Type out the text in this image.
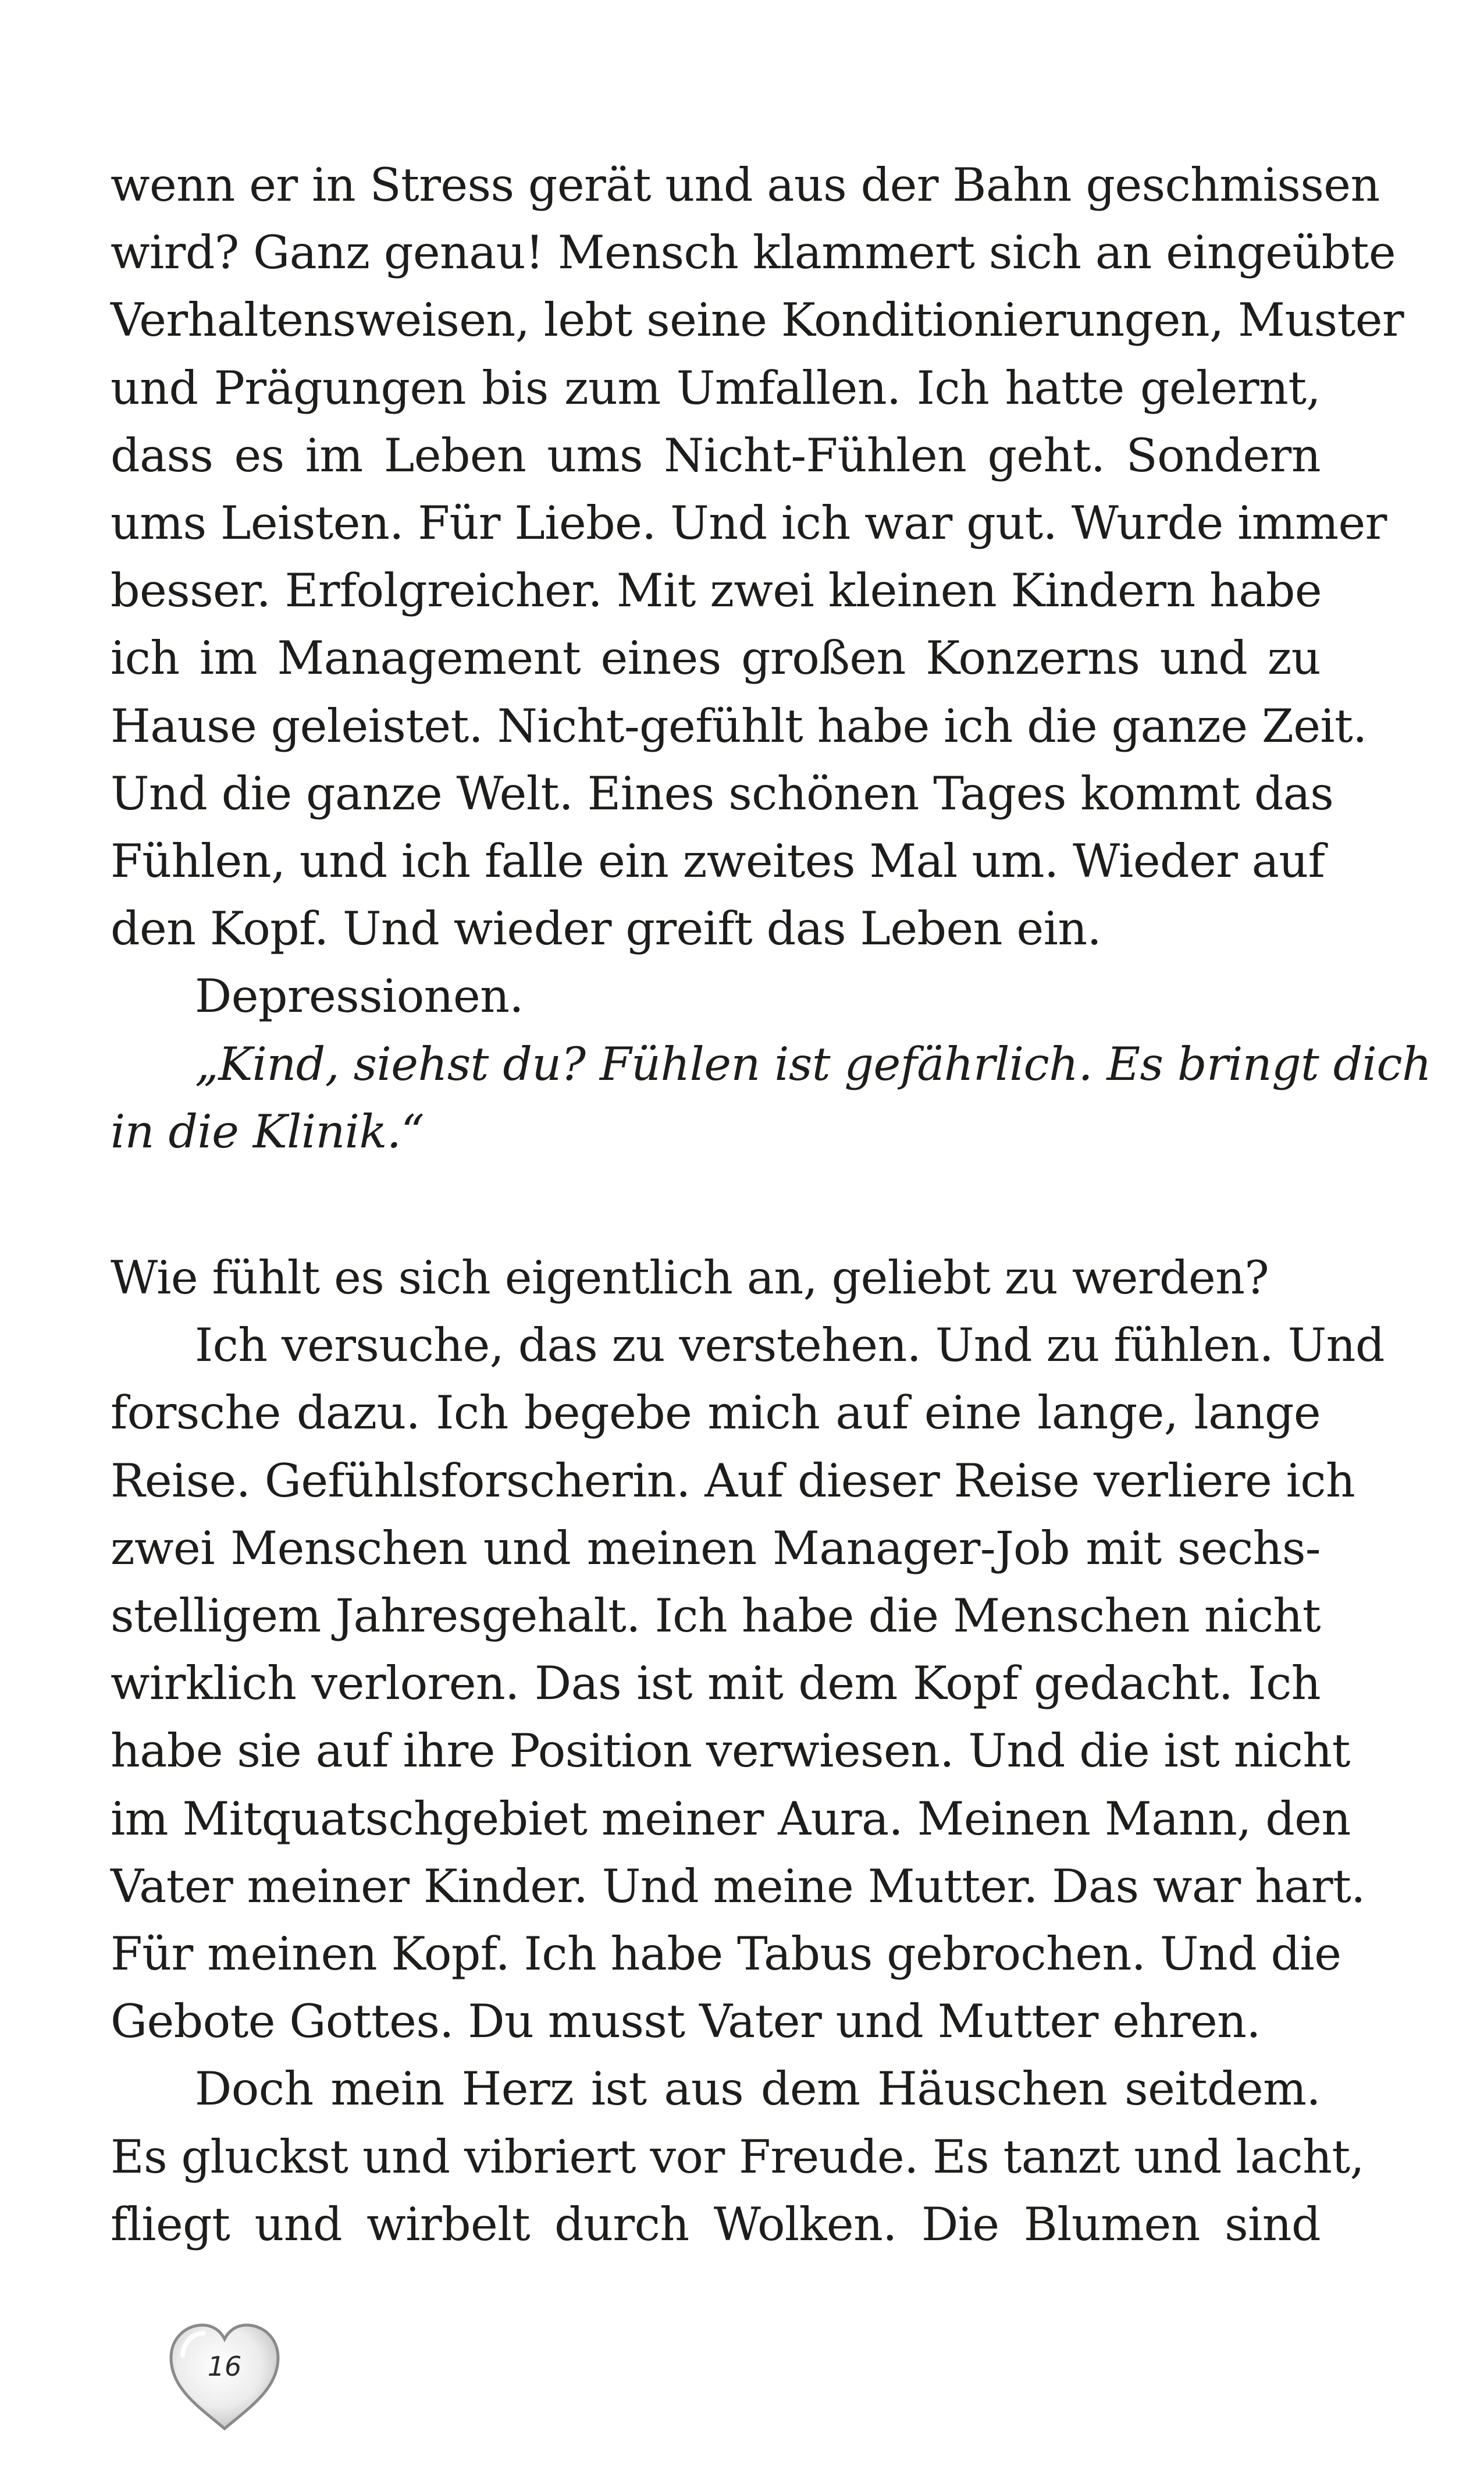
wenn er in Stress gerät und aus der Bahn geschmissen
wird? Ganz genau! Mensch klammert sich an eingeübte
Verhaltensweisen, lebt seine Konditionierungen, Muster
und Prägungen bis zum Umfallen. Ich hatte gelernt,
dass es im Leben ums Nicht-Fühlen geht. Sondern
ums Leisten. Für Liebe. Und ich war gut. Wurde immer
besser. Erfolgreicher. Mit zwei kleinen Kindern habe
ich im Management eines großen Konzerns und zu
Hause geleistet. Nicht-gefühlt habe ich die ganze Zeit.
Und die ganze Welt. Eines schönen Tages kommt das
Fühlen, und ich falle ein zweites Mal um. Wieder auf
den Kopf. Und wieder greift das Leben ein.

Depressionen.

„Kind, siehst du? Fühlen ist gefährlich. Es bringt dich
in die Klinik.“

Wie fühlt es sich eigentlich an, geliebt zu werden?

Ich versuche, das zu verstehen. Und zu fühlen. Und
forsche dazu. Ich begebe mich auf eine lange, lange
Reise. Gefühlsforscherin. Auf dieser Reise verliere ich
zwei Menschen und meinen Manager-Job mit sechs-
stelligem Jahresgehalt. Ich habe die Menschen nicht
wirklich verloren. Das ist mit dem Kopf gedacht. Ich
habe sie auf ihre Position verwiesen. Und die ist nicht
im Mitquatschgebiet meiner Aura. Meinen Mann, den
Vater meiner Kinder. Und meine Mutter. Das war hart.
Für meinen Kopf. Ich habe Tabus gebrochen. Und die
Gebote Gottes. Du musst Vater und Mutter ehren.

Doch mein Herz ist aus dem Häuschen seitdem.
Es gluckst und vibriert vor Freude. Es tanzt und lacht,
fliegt und wirbelt durch Wolken. Die Blumen sind

16
